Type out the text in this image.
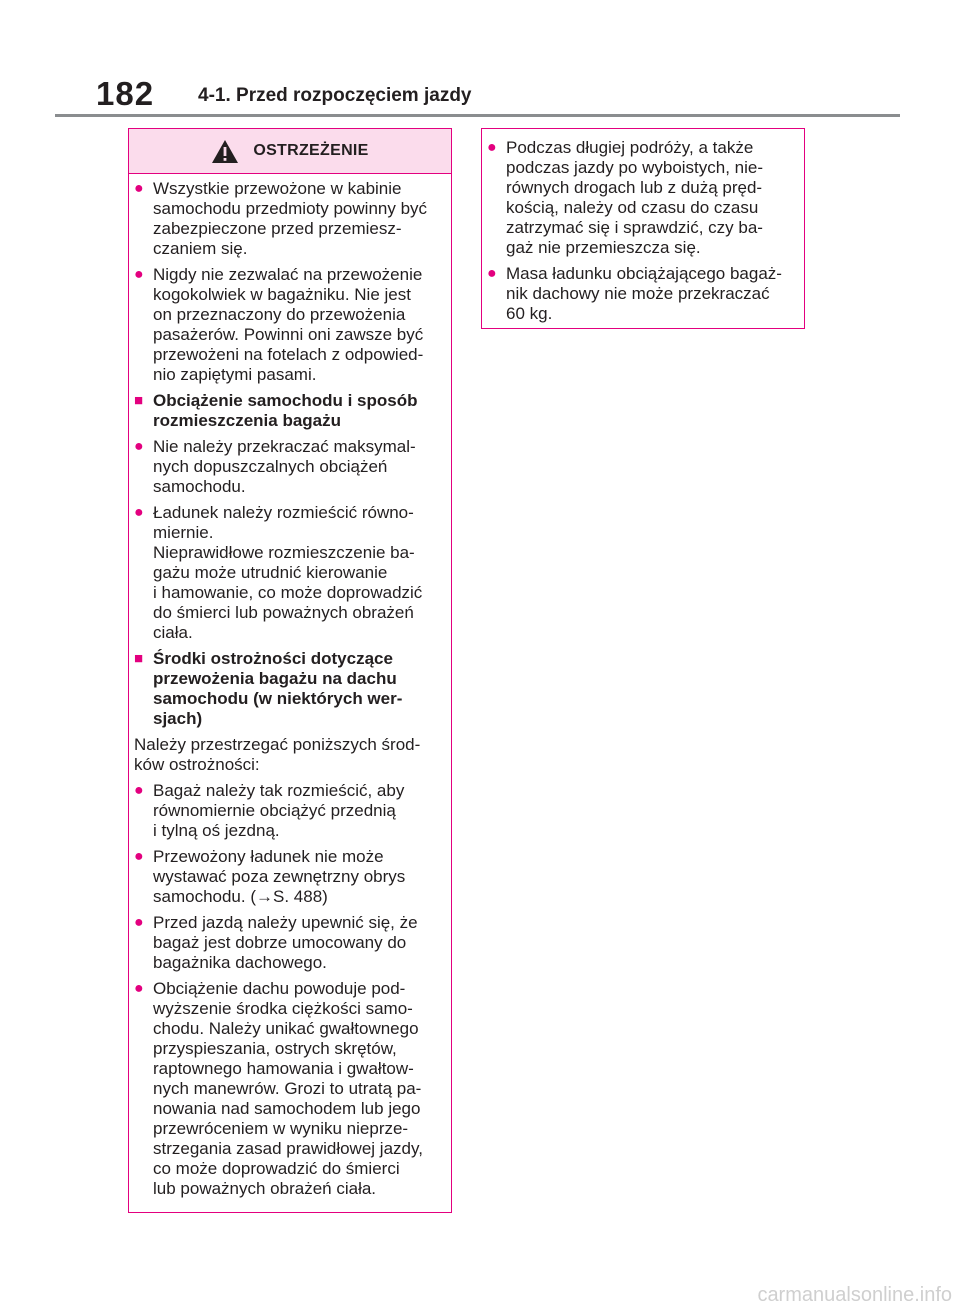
182 4-1. Przed rozpoczęciem jazdy
OSTRZEŻENIE
● Wszystkie przewożone w kabinie
samochodu przedmioty powinny być
zabezpieczone przed przemiesz-
czaniem się.
● Nigdy nie zezwalać na przewożenie
kogokolwiek w bagażniku. Nie jest
on przeznaczony do przewożenia
pasażerów. Powinni oni zawsze być
przewożeni na fotelach z odpowied-
nio zapiętymi pasami.
■ Obciążenie samochodu i sposób
rozmieszczenia bagażu
● Nie należy przekraczać maksymal-
nych dopuszczalnych obciążeń
samochodu.
● Ładunek należy rozmieścić równo-
miernie.
Nieprawidłowe rozmieszczenie ba-
gażu może utrudnić kierowanie
i hamowanie, co może doprowadzić
do śmierci lub poważnych obrażeń
ciała.
■ Środki ostrożności dotyczące
przewożenia bagażu na dachu
samochodu (w niektórych wer-
sjach)
Należy przestrzegać poniższych środ-
ków ostrożności:
● Bagaż należy tak rozmieścić, aby
równomiernie obciążyć przednią
i tylną oś jezdną.
● Przewożony ładunek nie może
wystawać poza zewnętrzny obrys
samochodu. (→S. 488)
● Przed jazdą należy upewnić się, że
bagaż jest dobrze umocowany do
bagażnika dachowego.
● Obciążenie dachu powoduje pod-
wyższenie środka ciężkości samo-
chodu. Należy unikać gwałtownego
przyspieszania, ostrych skrętów,
raptownego hamowania i gwałtow-
nych manewrów. Grozi to utratą pa-
nowania nad samochodem lub jego
przewróceniem w wyniku nieprze-
strzegania zasad prawidłowej jazdy,
co może doprowadzić do śmierci
lub poważnych obrażeń ciała.
● Podczas długiej podróży, a także
podczas jazdy po wyboistych, nie-
równych drogach lub z dużą pręd-
kością, należy od czasu do czasu
zatrzymać się i sprawdzić, czy ba-
gaż nie przemieszcza się.
● Masa ładunku obciążającego bagaż-
nik dachowy nie może przekraczać
60 kg.
carmanualsonline.info
